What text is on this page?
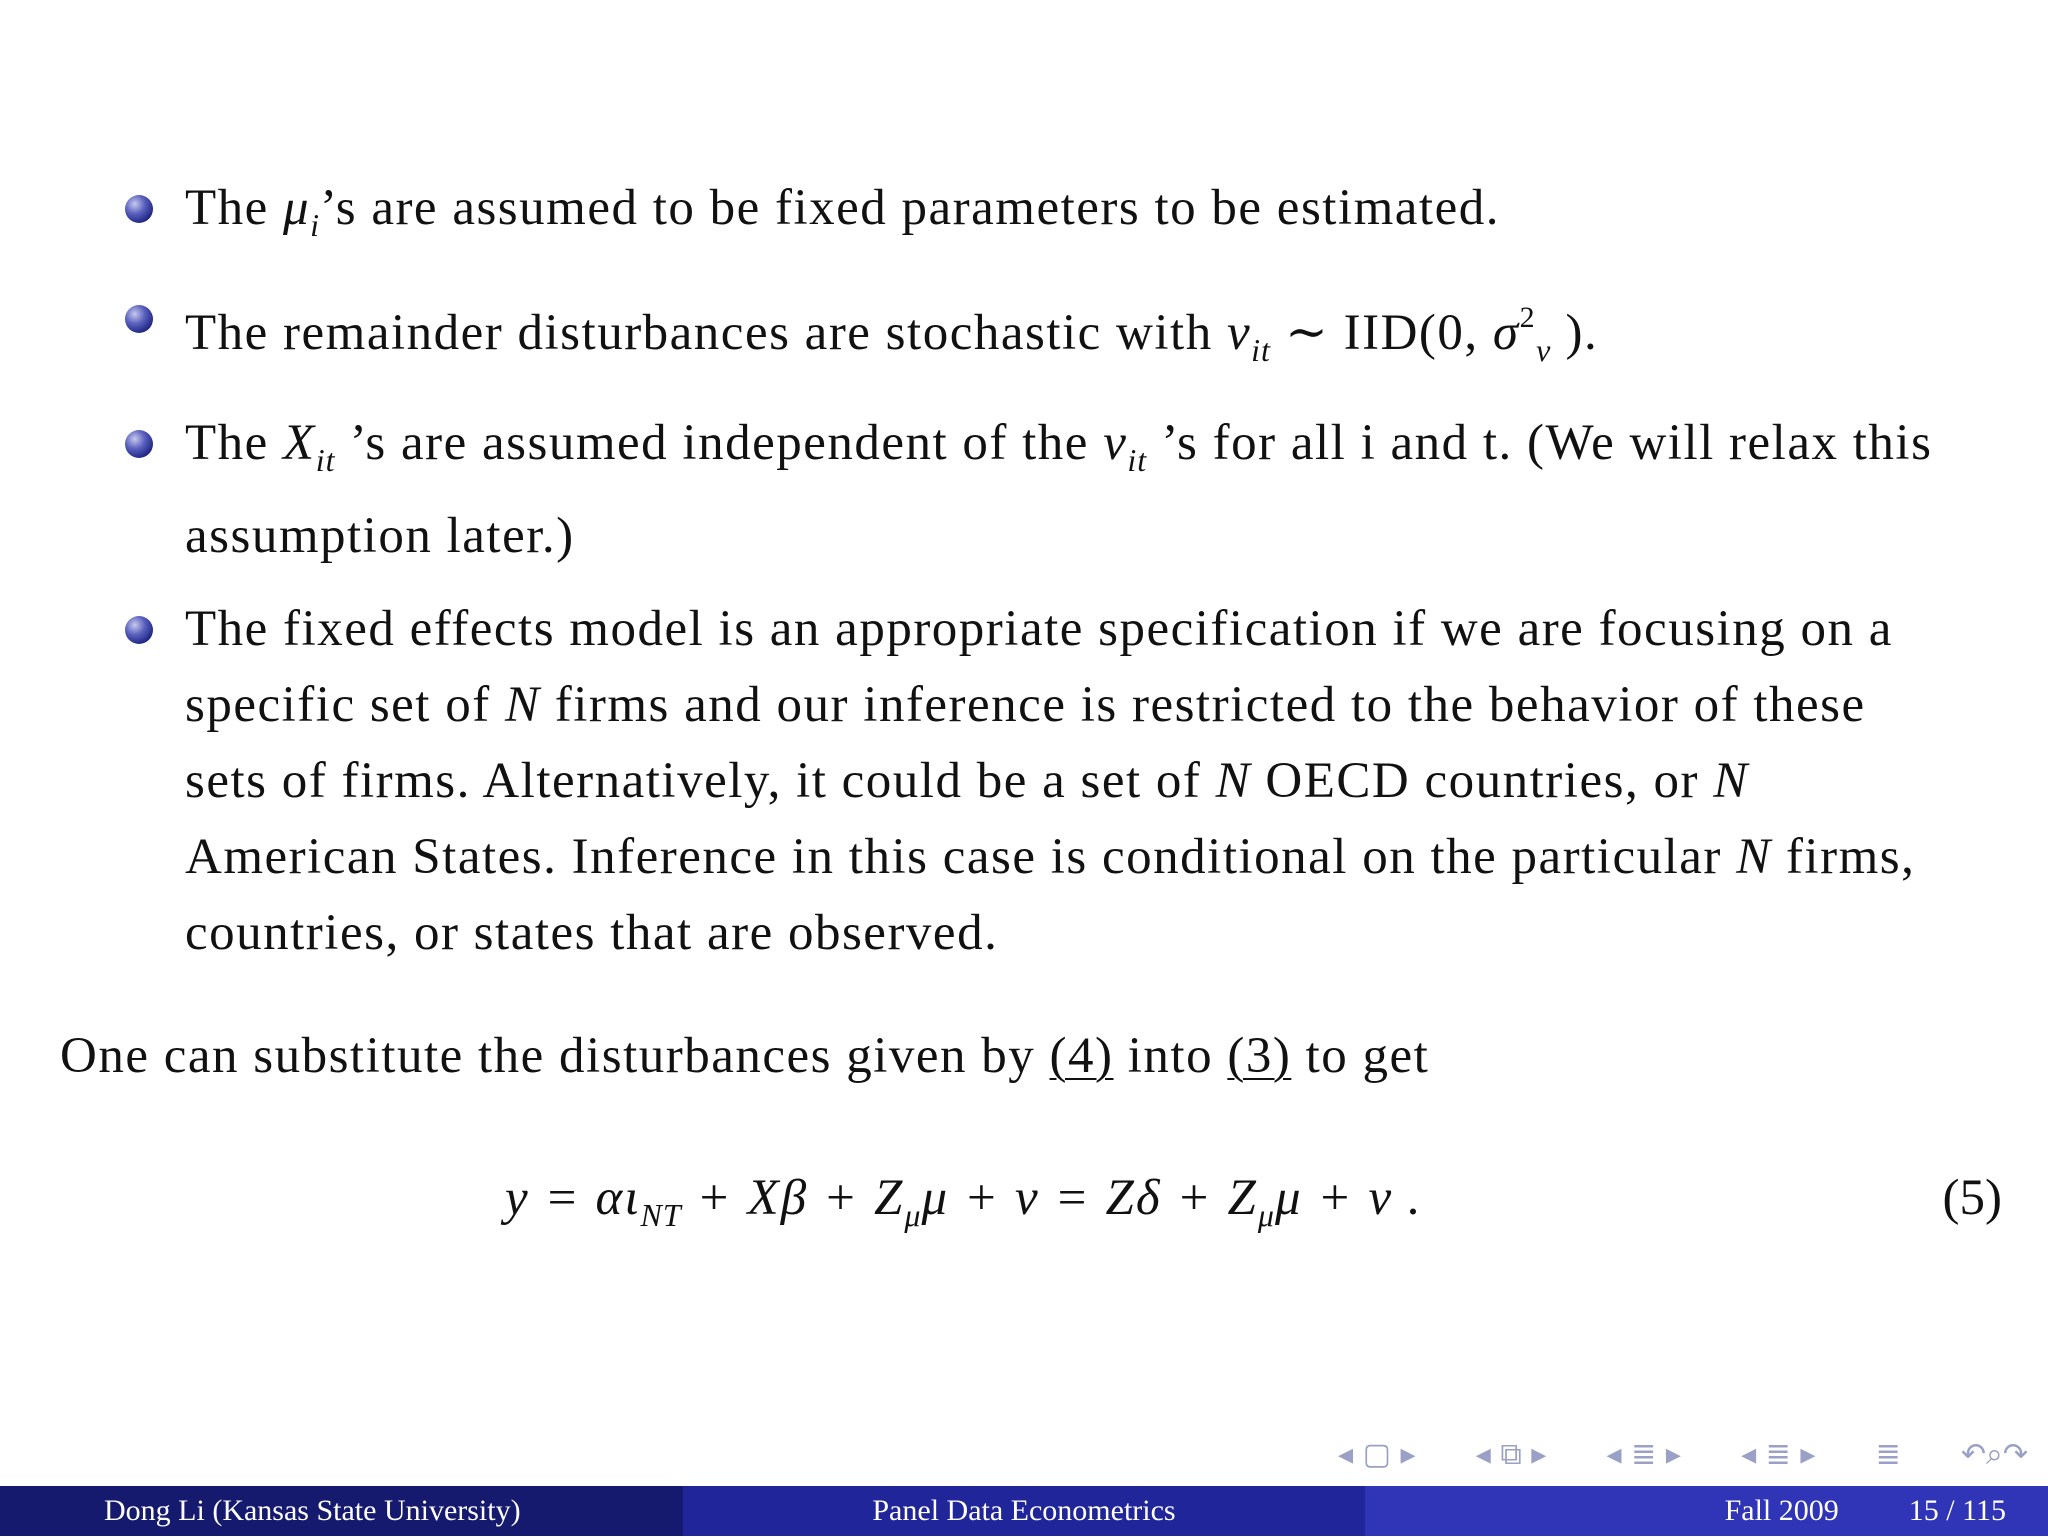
The $\mu_i’s$ are assumed to be fixed parameters to be estimated.
The remainder disturbances are stochastic with $\nu_{it}$ ∼ IID(0, $\sigma^2_\nu$ ).
The $X_{it}$ ’s are assumed independent of the $\nu_{it}$ ’s for all i and t. (We will relax this assumption later.)
The fixed effects model is an appropriate specification if we are focusing on a specific set of N firms and our inference is restricted to the behavior of these sets of firms. Alternatively, it could be a set of N OECD countries, or N American States. Inference in this case is conditional on the particular N firms, countries, or states that are observed.
One can substitute the disturbances given by (4) into (3) to get
$y = \alpha\iota_{NT} + X\beta + Z_\mu\mu + \nu = Z\delta + Z_\mu\mu + \nu$ .	(5)
◂ ▢ ▸ ◂ ⧉ ▸ ◂ ≣ ▸ ◂ ≣ ▸ ≣ ↶⌕↷
Dong Li (Kansas State University)	Panel Data Econometrics	Fall 2009 15 / 115
